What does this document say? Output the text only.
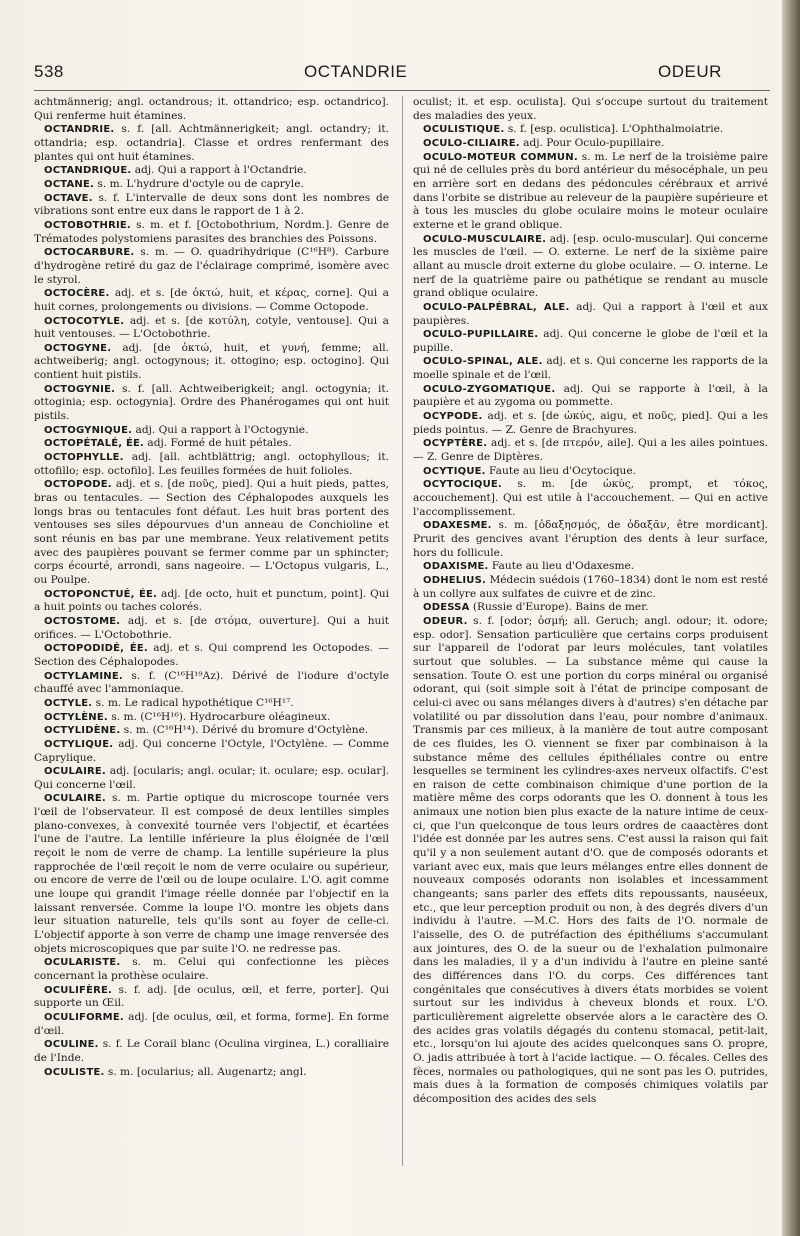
538	OCTANDRIE	ODEUR

achtmännerig; angl. octandrous; it. ottandrico; esp. octandrico]. Qui renferme huit étamines.

OCTANDRIE. s. f. [all. Achtmännerigkeit; angl. octandry; it. ottandria; esp. octandria]. Classe et ordres renfermant des plantes qui ont huit étamines.

OCTANDRIQUE. adj. Qui a rapport à l'Octandrie.

OCTANE. s. m. L'hydrure d'octyle ou de capryle.

OCTAVE. s. f. L'intervalle de deux sons dont les nombres de vibrations sont entre eux dans le rapport de 1 à 2.

OCTOBOTHRIE. s. m. et f. [Octobothrium, Nordm.]. Genre de Trématodes polystomiens parasites des branchies des Poissons.

OCTOCARBURE. s. m. — O. quadrihydrique (C¹⁶H⁸). Carbure d'hydrogène retiré du gaz de l'éclairage comprimé, isomère avec le styrol.

OCTOCÈRE. adj. et s. [de ὀκτώ, huit, et κέρας, corne]. Qui a huit cornes, prolongements ou divisions. — Comme Octopode.

OCTOCOTYLE. adj. et s. [de κοτύλη, cotyle, ventouse]. Qui a huit ventouses. — L'Octobothrie.

OCTOGYNE. adj. [de ὀκτώ, huit, et γυνή, femme; all. achtweiberig; angl. octogynous; it. ottogino; esp. octogino]. Qui contient huit pistils.

OCTOGYNIE. s. f. [all. Achtweiberigkeit; angl. octogynia; it. ottoginia; esp. octogynia]. Ordre des Phanérogames qui ont huit pistils.

OCTOGYNIQUE. adj. Qui a rapport à l'Octogynie.

OCTOPÉTALÉ, ÉE. adj. Formé de huit pétales.

OCTOPHYLLE. adj. [all. achtblättrig; angl. octophyllous; it. ottofillo; esp. octofilo]. Les feuilles formées de huit folioles.

OCTOPODE. adj. et s. [de ποῦς, pied]. Qui a huit pieds, pattes, bras ou tentacules. — Section des Céphalopodes auxquels les longs bras ou tentacules font défaut. Les huit bras portent des ventouses ses siles dépourvues d'un anneau de Conchioline et sont réunis en bas par une membrane. Yeux relativement petits avec des paupières pouvant se fermer comme par un sphincter; corps écourté, arrondi, sans nageoire. — L'Octopus vulgaris, L., ou Poulpe.

OCTOPONCTUÉ, ÉE. adj. [de octo, huit et punctum, point]. Qui a huit points ou taches colorés.

OCTOSTOME. adj. et s. [de στόμα, ouverture]. Qui a huit orifices. — L'Octobothrie.

OCTOPODIDÉ, ÉE. adj. et s. Qui comprend les Octopodes. — Section des Céphalopodes.

OCTYLAMINE. s. f. (C¹⁶H¹⁹Az). Dérivé de l'iodure d'octyle chauffé avec l'ammoniaque.

OCTYLE. s. m. Le radical hypothétique C¹⁶H¹⁷.

OCTYLÈNE. s. m. (C¹⁶H¹⁶). Hydrocarbure oléagineux.

OCTYLIDÈNE. s. m. (C¹⁶H¹⁴). Dérivé du bromure d'Octylène.

OCTYLIQUE. adj. Qui concerne l'Octyle, l'Octylène. — Comme Caprylique.

OCULAIRE. adj. [ocularis; angl. ocular; it. oculare; esp. ocular]. Qui concerne l'œil.

OCULAIRE. s. m. Partie optique du microscope tournée vers l'œil de l'observateur. Il est composé de deux lentilles simples plano-convexes, à convexité tournée vers l'objectif, et écartées l'une de l'autre. La lentille inférieure la plus éloignée de l'œil reçoit le nom de verre de champ. La lentille supérieure la plus rapprochée de l'œil reçoit le nom de verre oculaire ou supérieur, ou encore de verre de l'œil ou de loupe oculaire. L'O. agit comme une loupe qui grandit l'image réelle donnée par l'objectif en la laissant renversée. Comme la loupe l'O. montre les objets dans leur situation naturelle, tels qu'ils sont au foyer de celle-ci. L'objectif apporte à son verre de champ une image renversée des objets microscopiques que par suite l'O. ne redresse pas.

OCULARISTE. s. m. Celui qui confectionne les pièces concernant la prothèse oculaire.

OCULIFÈRE. s. f. adj. [de oculus, œil, et ferre, porter]. Qui supporte un Œil.

OCULIFORME. adj. [de oculus, œil, et forma, forme]. En forme d'œil.

OCULINE. s. f. Le Corail blanc (Oculina virginea, L.) coralliaire de l'Inde.

OCULISTE. s. m. [ocularius; all. Augenartz; angl.

oculist; it. et esp. oculista]. Qui s'occupe surtout du traitement des maladies des yeux.

OCULISTIQUE. s. f. [esp. oculistica]. L'Ophthalmoiatrie.

OCULO-CILIAIRE. adj. Pour Oculo-pupillaire.

OCULO-MOTEUR COMMUN. s. m. Le nerf de la troisième paire qui né de cellules près du bord antérieur du mésocéphale, un peu en arrière sort en dedans des pédoncules cérébraux et arrivé dans l'orbite se distribue au releveur de la paupière supérieure et à tous les muscles du globe oculaire moins le moteur oculaire externe et le grand oblique.

OCULO-MUSCULAIRE. adj. [esp. oculo-muscular]. Qui concerne les muscles de l'œil. — O. externe. Le nerf de la sixième paire allant au muscle droit externe du globe oculaire. — O. interne. Le nerf de la quatrième paire ou pathétique se rendant au muscle grand oblique oculaire.

OCULO-PALPÉBRAL, ALE. adj. Qui a rapport à l'œil et aux paupières.

OCULO-PUPILLAIRE. adj. Qui concerne le globe de l'œil et la pupille.

OCULO-SPINAL, ALE. adj. et s. Qui concerne les rapports de la moelle spinale et de l'œil.

OCULO-ZYGOMATIQUE. adj. Qui se rapporte à l'œil, à la paupière et au zygoma ou pommette.

OCYPODE. adj. et s. [de ὠκύς, aigu, et ποῦς, pied]. Qui a les pieds pointus. — Z. Genre de Brachyures.

OCYPTÈRE. adj. et s. [de πτερόν, aile]. Qui a les ailes pointues. — Z. Genre de Diptères.

OCYTIQUE. Faute au lieu d'Ocytocique.

OCYTOCIQUE. s. m. [de ὠκύς, prompt, et τόκος, accouchement]. Qui est utile à l'accouchement. — Qui en active l'accomplissement.

ODAXESME. s. m. [ὀδαξησμός, de ὀδαξᾶν, être mordicant]. Prurit des gencives avant l'éruption des dents à leur surface, hors du follicule.

ODAXISME. Faute au lieu d'Odaxesme.

ODHELIUS. Médecin suédois (1760–1834) dont le nom est resté à un collyre aux sulfates de cuivre et de zinc.

ODESSA (Russie d'Europe). Bains de mer.

ODEUR. s. f. [odor; ὀσμή; all. Geruch; angl. odour; it. odore; esp. odor]. Sensation particulière que certains corps produisent sur l'appareil de l'odorat par leurs molécules, tant volatiles surtout que solubles. — La substance même qui cause la sensation. Toute O. est une portion du corps minéral ou organisé odorant, qui (soit simple soit à l'état de principe composant de celui-ci avec ou sans mélanges divers à d'autres) s'en détache par volatilité ou par dissolution dans l'eau, pour nombre d'animaux. Transmis par ces milieux, à la manière de tout autre composant de ces fluides, les O. viennent se fixer par combinaison à la substance même des cellules épithéliales contre ou entre lesquelles se terminent les cylindres-axes nerveux olfactifs. C'est en raison de cette combinaison chimique d'une portion de la matière même des corps odorants que les O. donnent à tous les animaux une notion bien plus exacte de la nature intime de ceux-ci, que l'un quelconque de tous leurs ordres de caaactères dont l'idée est donnée par les autres sens. C'est aussi la raison qui fait qu'il y a non seulement autant d'O. que de composés odorants et variant avec eux, mais que leurs mélanges entre elles donnent de nouveaux composés odorants non isolables et incessamment changeants; sans parler des effets dits repoussants, nauséeux, etc., que leur perception produit ou non, à des degrés divers d'un individu à l'autre. —M.C. Hors des faits de l'O. normale de l'aisselle, des O. de putréfaction des épithéliums s'accumulant aux jointures, des O. de la sueur ou de l'exhalation pulmonaire dans les maladies, il y a d'un individu à l'autre en pleine santé des différences dans l'O. du corps. Ces différences tant congénitales que consécutives à divers états morbides se voient surtout sur les individus à cheveux blonds et roux. L'O. particulièrement aigrelette observée alors a le caractère des O. des acides gras volatils dégagés du contenu stomacal, petit-lait, etc., lorsqu'on lui ajoute des acides quelconques sans O. propre, O. jadis attribuée à tort à l'acide lactique. — O. fécales. Celles des fèces, normales ou pathologiques, qui ne sont pas les O. putrides, mais dues à la formation de composés chimiques volatils par décomposition des acides des sels
